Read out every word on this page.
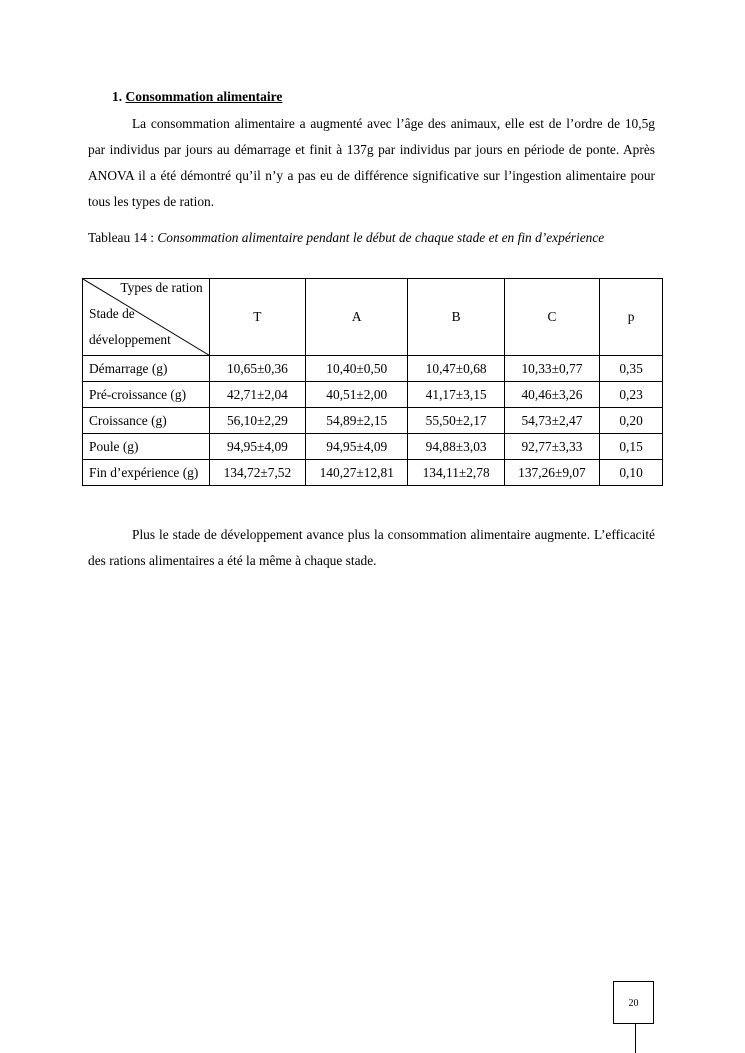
1. Consommation alimentaire
La consommation alimentaire a augmenté avec l’âge des animaux, elle est de l’ordre de 10,5g par individus par jours au démarrage et finit à 137g par individus par jours en période de ponte. Après ANOVA il a été démontré qu’il n’y a pas eu de différence significative sur l’ingestion alimentaire pour tous les types de ration.
Tableau 14 : Consommation alimentaire pendant le début de chaque stade et en fin d’expérience
Types de ration
Stade de
développement	T	A	B	C	p
Démarrage (g)	10,65±0,36	10,40±0,50	10,47±0,68	10,33±0,77	0,35
Pré-croissance (g)	42,71±2,04	40,51±2,00	41,17±3,15	40,46±3,26	0,23
Croissance (g)	56,10±2,29	54,89±2,15	55,50±2,17	54,73±2,47	0,20
Poule (g)	94,95±4,09	94,95±4,09	94,88±3,03	92,77±3,33	0,15
Fin d’expérience (g)	134,72±7,52	140,27±12,81	134,11±2,78	137,26±9,07	0,10
Plus le stade de développement avance plus la consommation alimentaire augmente. L’efficacité des rations alimentaires a été la même à chaque stade.
20
